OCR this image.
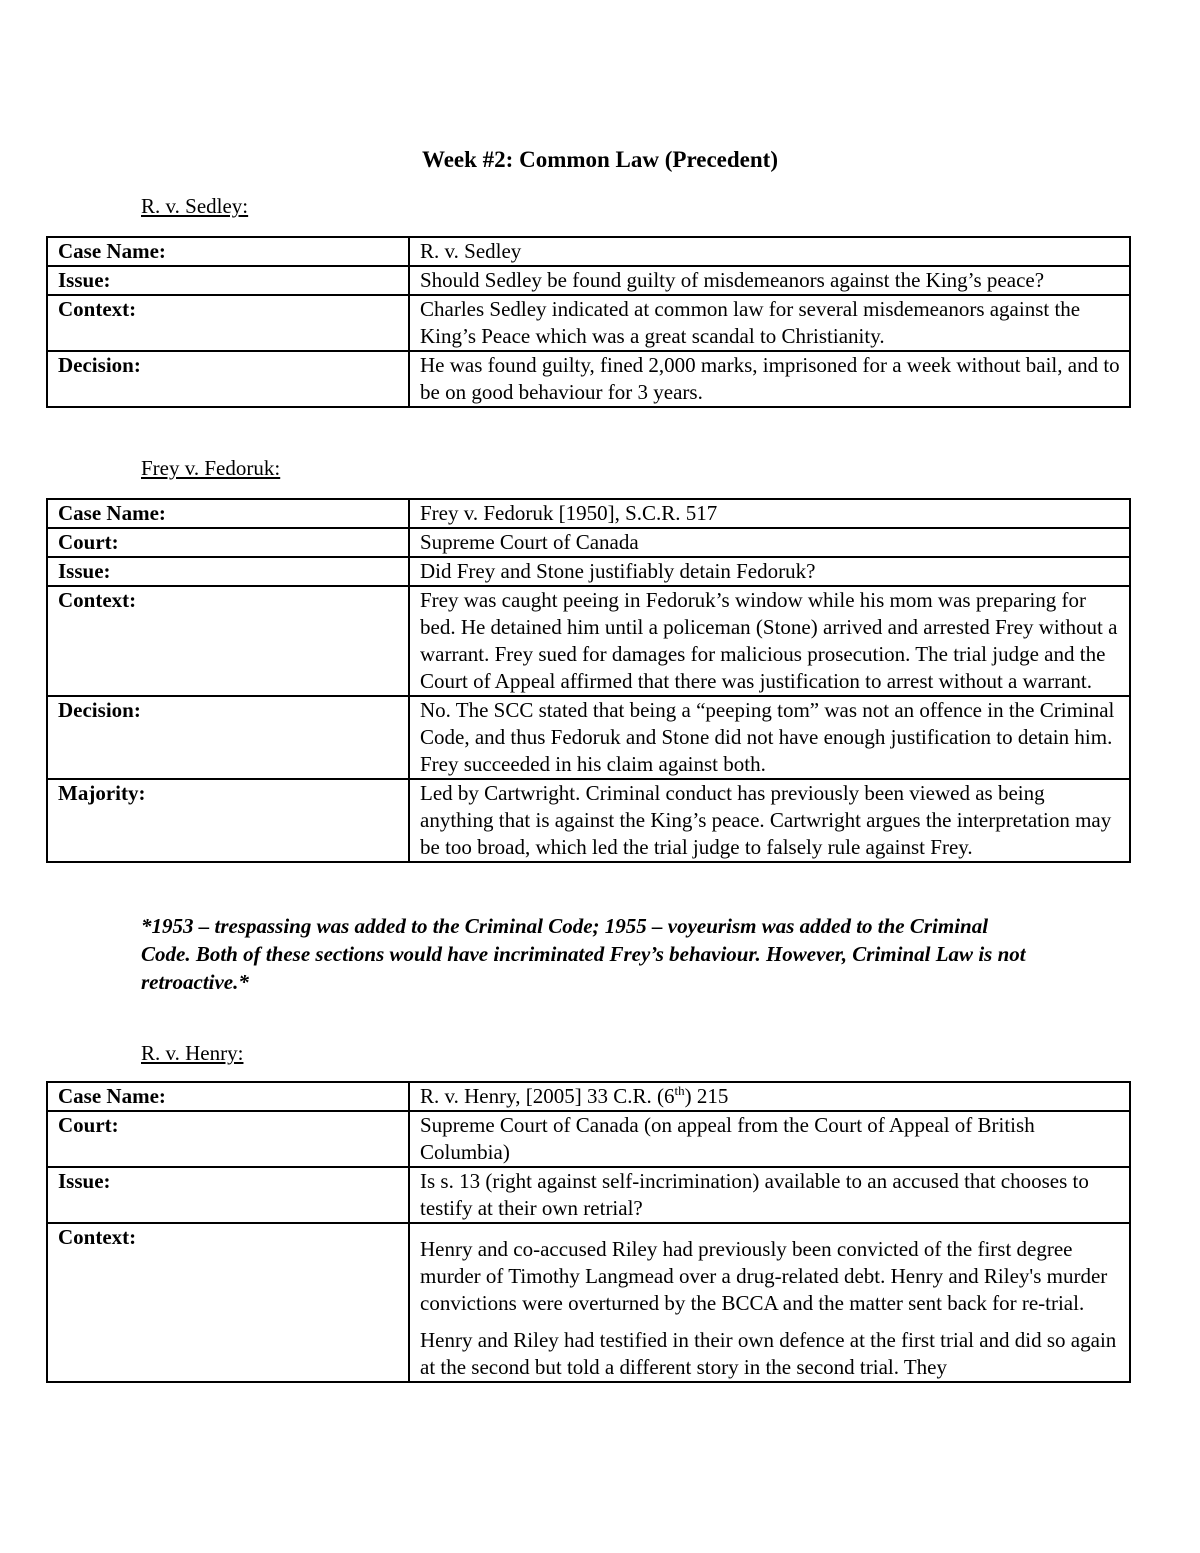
Week #2: Common Law (Precedent)
R. v. Sedley:
Case Name:	R. v. Sedley
Issue:	Should Sedley be found guilty of misdemeanors against the King’s peace?
Context:	Charles Sedley indicated at common law for several misdemeanors against the King’s Peace which was a great scandal to Christianity.
Decision:	He was found guilty, fined 2,000 marks, imprisoned for a week without bail, and to be on good behaviour for 3 years.
Frey v. Fedoruk:
Case Name:	Frey v. Fedoruk [1950], S.C.R. 517
Court:	Supreme Court of Canada
Issue:	Did Frey and Stone justifiably detain Fedoruk?
Context:	Frey was caught peeing in Fedoruk’s window while his mom was preparing for bed. He detained him until a policeman (Stone) arrived and arrested Frey without a warrant. Frey sued for damages for malicious prosecution. The trial judge and the Court of Appeal affirmed that there was justification to arrest without a warrant.
Decision:	No. The SCC stated that being a “peeping tom” was not an offence in the Criminal Code, and thus Fedoruk and Stone did not have enough justification to detain him. Frey succeeded in his claim against both.
Majority:	Led by Cartwright. Criminal conduct has previously been viewed as being anything that is against the King’s peace. Cartwright argues the interpretation may be too broad, which led the trial judge to falsely rule against Frey.
*1953 – trespassing was added to the Criminal Code; 1955 – voyeurism was added to the Criminal Code. Both of these sections would have incriminated Frey’s behaviour. However, Criminal Law is not retroactive.*
R. v. Henry:
Case Name:	R. v. Henry, [2005] 33 C.R. (6th) 215
Court:	Supreme Court of Canada (on appeal from the Court of Appeal of British Columbia)
Issue:	Is s. 13 (right against self-incrimination) available to an accused that chooses to testify at their own retrial?
Context:	Henry and co-accused Riley had previously been convicted of the first degree murder of Timothy Langmead over a drug-related debt. Henry and Riley's murder convictions were overturned by the BCCA and the matter sent back for re-trial.
Henry and Riley had testified in their own defence at the first trial and did so again at the second but told a different story in the second trial. They
